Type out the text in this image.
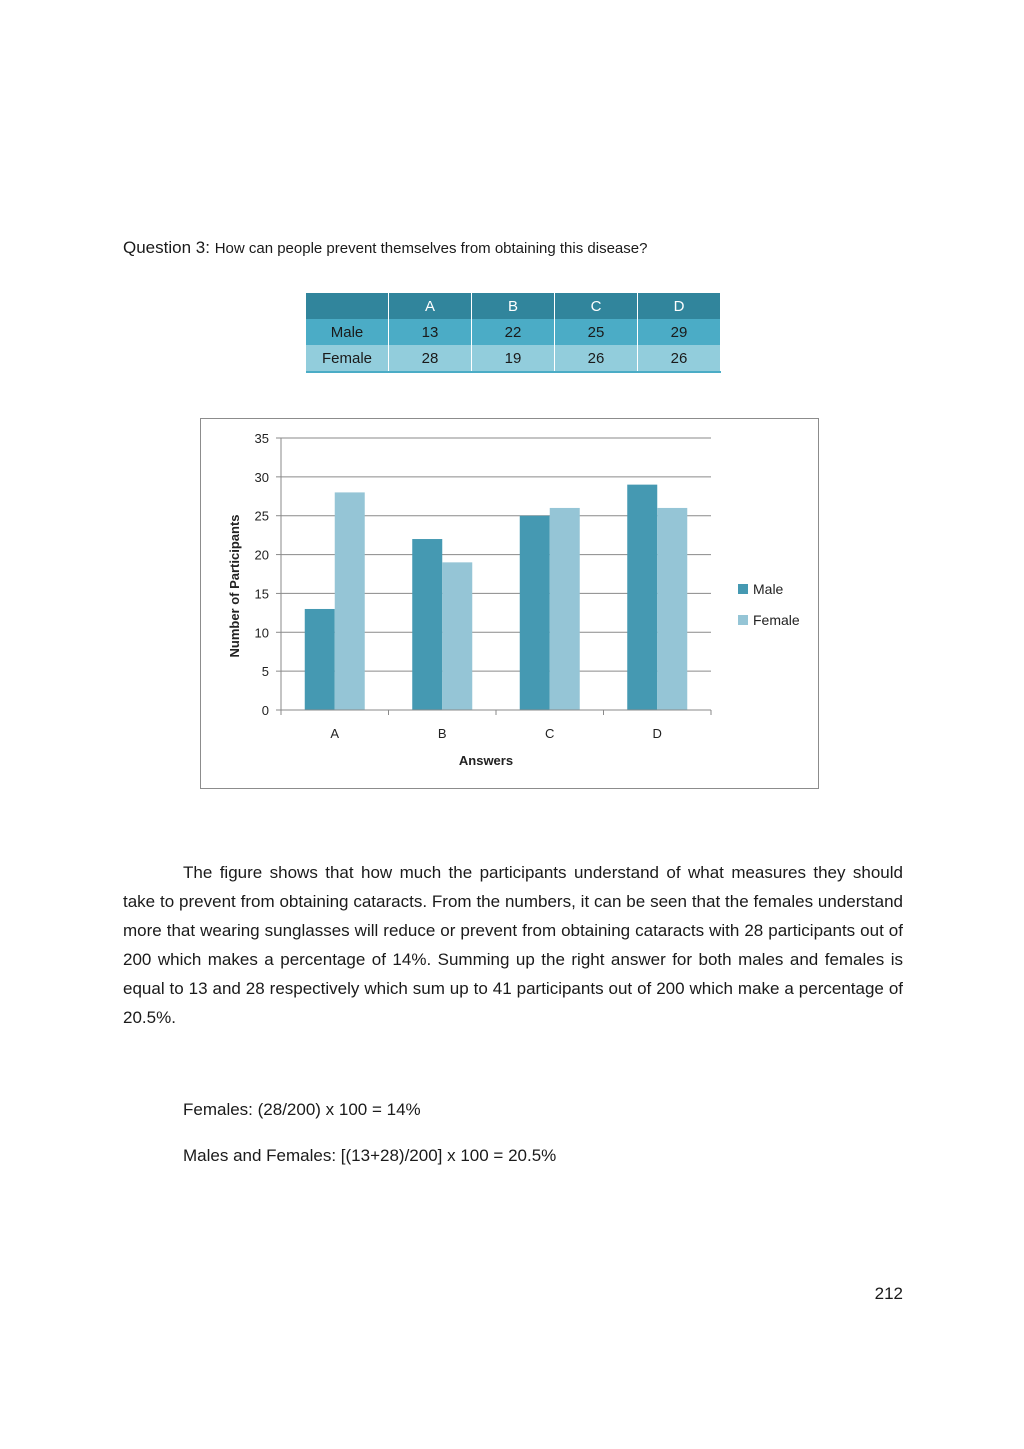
Question 3: How can people prevent themselves from obtaining this disease?
	A	B	C	D
Male	13	22	25	29
Female	28	19	26	26
0
5
10
15
20
25
30
35
A	B	C	D
Answers
Number of Participants	Male
Female
The figure shows that how much the participants understand of what measures they should take to prevent from obtaining cataracts. From the numbers, it can be seen that the females understand more that wearing sunglasses will reduce or prevent from obtaining cataracts with 28 participants out of 200 which makes a percentage of 14%. Summing up the right answer for both males and females is equal to 13 and 28 respectively which sum up to 41 participants out of 200 which make a percentage of 20.5%.
Females: (28/200) x 100 = 14%
Males and Females: [(13+28)/200] x 100 = 20.5%
212
